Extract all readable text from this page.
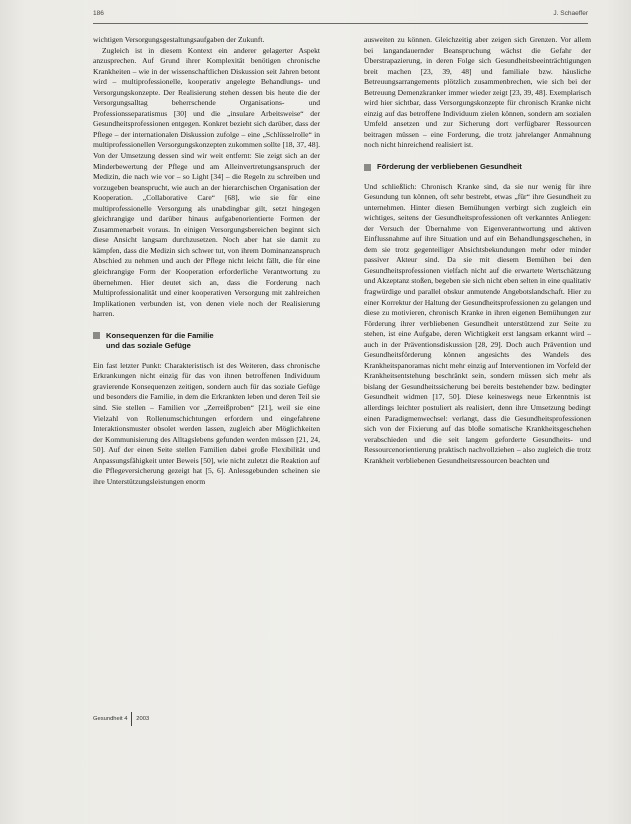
186	J. Schaeffer

wichtigen Versorgungsgestaltungsaufgaben der Zukunft.

Zugleich ist in diesem Kontext ein anderer gelagerter Aspekt anzusprechen. Auf Grund ihrer Komplexität benötigen chronische Krankheiten – wie in der wissenschaftlichen Diskussion seit Jahren betont wird – multiprofessionelle, kooperativ angelegte Behandlungs- und Versorgungskonzepte. Der Realisierung stehen dessen bis heute die der Versorgungsalltag beherrschende Organisations- und Professionsseparatismus [30] und die „insulare Arbeitsweise“ der Gesundheitsprofessionen entgegen. Konkret bezieht sich darüber, dass der Pflege – der internationalen Diskussion zufolge – eine „Schlüsselrolle“ in multiprofessionellen Versorgungskonzepten zukommen sollte [18, 37, 48]. Von der Umsetzung dessen sind wir weit entfernt: Sie zeigt sich an der Minderbewertung der Pflege und am Alleinvertretungsanspruch der Medizin, die nach wie vor – so Light [34] – die Regeln zu schreiben und vorzugeben beansprucht, wie auch an der hierarchischen Organisation der Kooperation. „Collaborative Care“ [68], wie sie für eine multiprofessionelle Versorgung als unabdingbar gilt, setzt hingegen gleichrangige und darüber hinaus aufgabenorientierte Formen der Zusammenarbeit voraus. In einigen Versorgungsbereichen beginnt sich diese Ansicht langsam durchzusetzen. Noch aber hat sie damit zu kämpfen, dass die Medizin sich schwer tut, von ihrem Dominanzanspruch Abschied zu nehmen und auch der Pflege nicht leicht fällt, die für eine gleichrangige Form der Kooperation erforderliche Verantwortung zu übernehmen. Hier deutet sich an, dass die Forderung nach Multiprofessionalität und einer kooperativen Versorgung mit zahlreichen Implikationen verbunden ist, von denen viele noch der Realisierung harren.

Konsequenzen für die Familie
und das soziale Gefüge

Ein fast letzter Punkt: Charakteristisch ist des Weiteren, dass chronische Erkrankungen nicht einzig für das von ihnen betroffenen Individuum gravierende Konsequenzen zeitigen, sondern auch für das soziale Gefüge und besonders die Familie, in dem die Erkrankten leben und deren Teil sie sind. Sie stellen – Familien vor „Zerreißproben“ [21], weil sie eine Vielzahl von Rollenumschichtungen erfordern und eingefahrene Interaktionsmuster obsolet werden lassen, zugleich aber Möglichkeiten der Kommunisierung des Alltagslebens gefunden werden müssen [21, 24, 50]. Auf der einen Seite stellen Familien dabei große Flexibilität und Anpassungsfähigkeit unter Beweis [50], wie nicht zuletzt die Reaktion auf die Pflegeversicherung gezeigt hat [5, 6]. Anlessgebunden scheinen sie ihre Unterstützungsleistungen enorm

ausweiten zu können. Gleichzeitig aber zeigen sich Grenzen. Vor allem bei langandauernder Beanspruchung wächst die Gefahr der Überstrapazierung, in deren Folge sich Gesundheitsbeeinträchtigungen breit machen [23, 39, 48] und familiale bzw. häusliche Betreuungsarrangements plötzlich zusammenbrechen, wie sich bei der Betreuung Demenzkranker immer wieder zeigt [23, 39, 48]. Exemplarisch wird hier sichtbar, dass Versorgungskonzepte für chronisch Kranke nicht einzig auf das betroffene Individuum zielen können, sondern am sozialen Umfeld ansetzen und zur Sicherung dort verfügbarer Ressourcen beitragen müssen – eine Forderung, die trotz jahrelanger Anmahnung noch nicht hinreichend realisiert ist.

Förderung der verbliebenen Gesundheit

Und schließlich: Chronisch Kranke sind, da sie nur wenig für ihre Gesundung tun können, oft sehr bestrebt, etwas „für“ ihre Gesundheit zu unternehmen. Hinter diesen Bemühungen verbirgt sich zugleich ein wichtiges, seitens der Gesundheitsprofessionen oft verkanntes Anliegen: der Versuch der Übernahme von Eigenverantwortung und aktiven Einflussnahme auf ihre Situation und auf ein Behandlungsgeschehen, in dem sie trotz gegenteiliger Absichtsbekundungen mehr oder minder passiver Akteur sind. Da sie mit diesem Bemühen bei den Gesundheitsprofessionen vielfach nicht auf die erwartete Wertschätzung und Akzeptanz stoßen, begeben sie sich nicht eben selten in eine qualitativ fragwürdige und parallel obskur anmutende Angebotslandschaft. Hier zu einer Korrektur der Haltung der Gesundheitsprofessionen zu gelangen und diese zu motivieren, chronisch Kranke in ihren eigenen Bemühungen zur Förderung ihrer verbliebenen Gesundheit unterstützend zur Seite zu stehen, ist eine Aufgabe, deren Wichtigkeit erst langsam erkannt wird – auch in der Präventionsdiskussion [28, 29]. Doch auch Prävention und Gesundheitsförderung können angesichts des Wandels des Krankheitspanoramas nicht mehr einzig auf Interventionen im Vorfeld der Krankheitsentstehung beschränkt sein, sondern müssen sich mehr als bislang der Gesundheitssicherung bei bereits bestehender bzw. bedingter Gesundheit widmen [17, 50]. Diese keineswegs neue Erkenntnis ist allerdings leichter postuliert als realisiert, denn ihre Umsetzung bedingt einen Paradigmenwechsel: verlangt, dass die Gesundheitsprofessionen sich von der Fixierung auf das bloße somatische Krankheitsgeschehen verabschieden und die seit langem geforderte Gesundheits- und Ressourcenorientierung praktisch nachvollziehen – also zugleich die trotz Krankheit verbliebenen Gesundheitsressourcen beachten und

Gesundheit 4 2003
